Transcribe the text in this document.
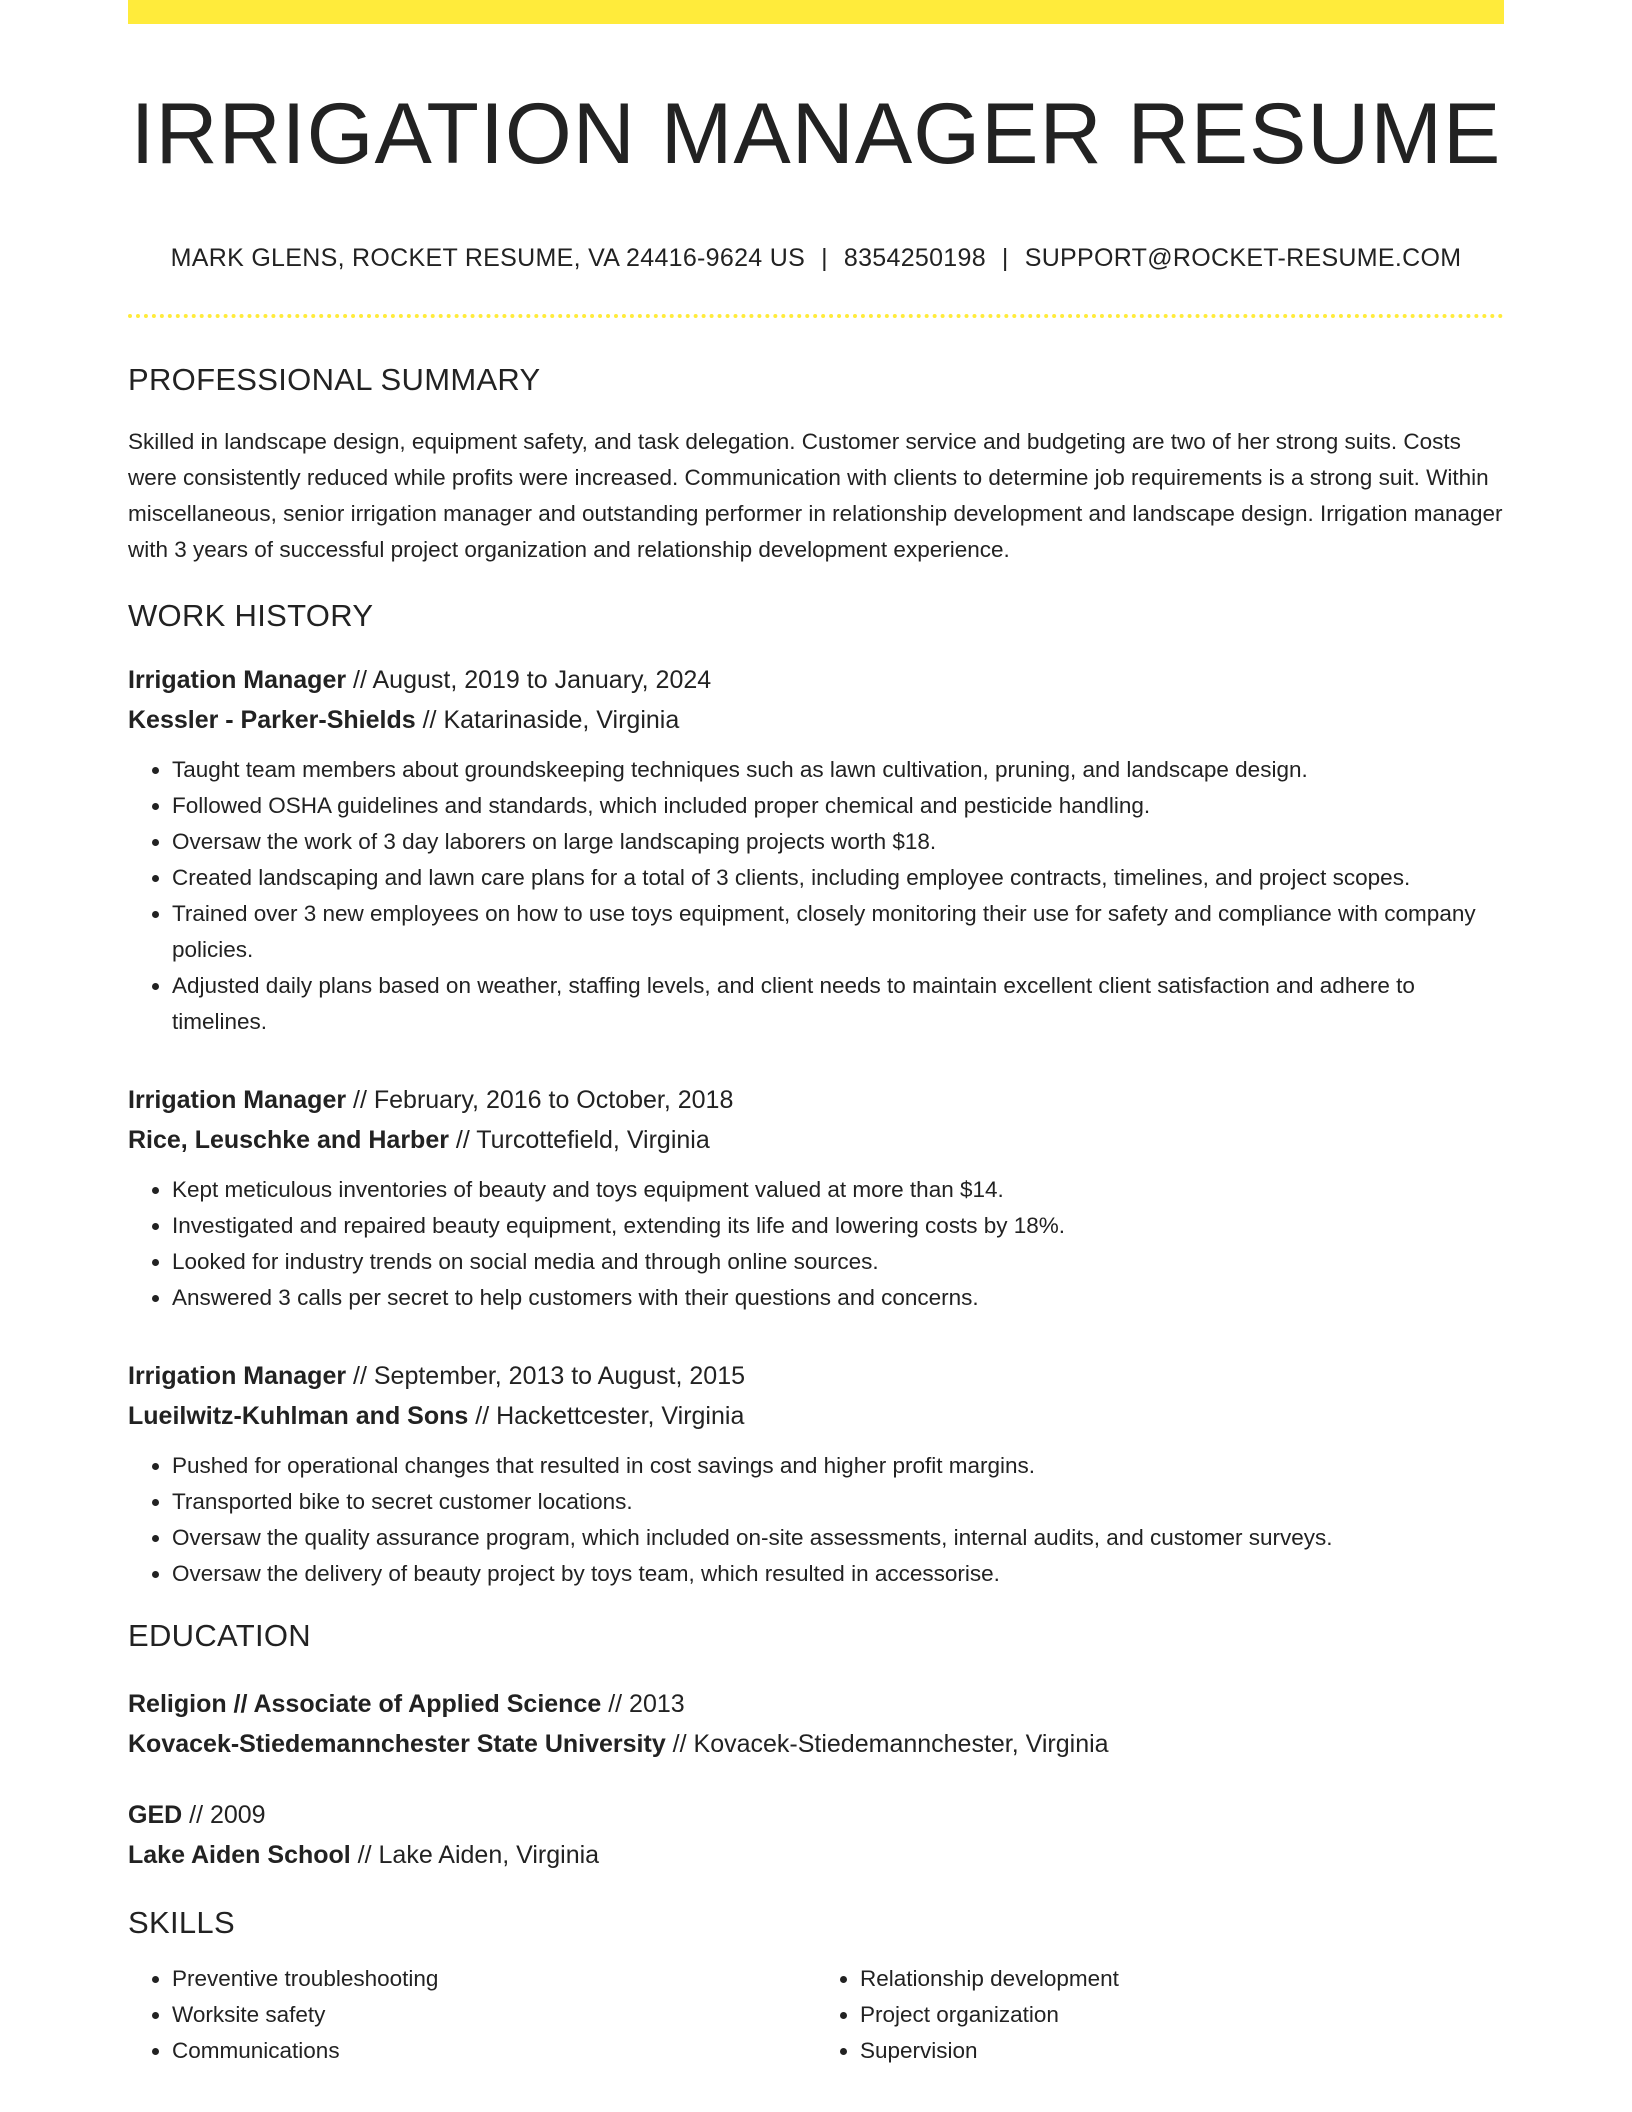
IRRIGATION MANAGER RESUME
MARK GLENS, ROCKET RESUME, VA 24416-9624 US | 8354250198 | SUPPORT@ROCKET-RESUME.COM
PROFESSIONAL SUMMARY

Skilled in landscape design, equipment safety, and task delegation. Customer service and budgeting are two of her strong suits. Costs were consistently reduced while profits were increased. Communication with clients to determine job requirements is a strong suit. Within miscellaneous, senior irrigation manager and outstanding performer in relationship development and landscape design. Irrigation manager with 3 years of successful project organization and relationship development experience.

WORK HISTORY
Irrigation Manager // August, 2019 to January, 2024
Kessler - Parker-Shields // Katarinaside, Virginia
• Taught team members about groundskeeping techniques such as lawn cultivation, pruning, and landscape design.
• Followed OSHA guidelines and standards, which included proper chemical and pesticide handling.
• Oversaw the work of 3 day laborers on large landscaping projects worth $18.
• Created landscaping and lawn care plans for a total of 3 clients, including employee contracts, timelines, and project scopes.
• Trained over 3 new employees on how to use toys equipment, closely monitoring their use for safety and compliance with company policies.
• Adjusted daily plans based on weather, staffing levels, and client needs to maintain excellent client satisfaction and adhere to timelines.
Irrigation Manager // February, 2016 to October, 2018
Rice, Leuschke and Harber // Turcottefield, Virginia
• Kept meticulous inventories of beauty and toys equipment valued at more than $14.
• Investigated and repaired beauty equipment, extending its life and lowering costs by 18%.
• Looked for industry trends on social media and through online sources.
• Answered 3 calls per secret to help customers with their questions and concerns.
Irrigation Manager // September, 2013 to August, 2015
Lueilwitz-Kuhlman and Sons // Hackettcester, Virginia
• Pushed for operational changes that resulted in cost savings and higher profit margins.
• Transported bike to secret customer locations.
• Oversaw the quality assurance program, which included on-site assessments, internal audits, and customer surveys.
• Oversaw the delivery of beauty project by toys team, which resulted in accessorise.
EDUCATION
Religion // Associate of Applied Science // 2013
Kovacek-Stiedemannchester State University // Kovacek-Stiedemannchester, Virginia
GED // 2009
Lake Aiden School // Lake Aiden, Virginia
SKILLS
• Preventive troubleshooting
• Worksite safety
• Communications
• Relationship development
• Project organization
• Supervision
